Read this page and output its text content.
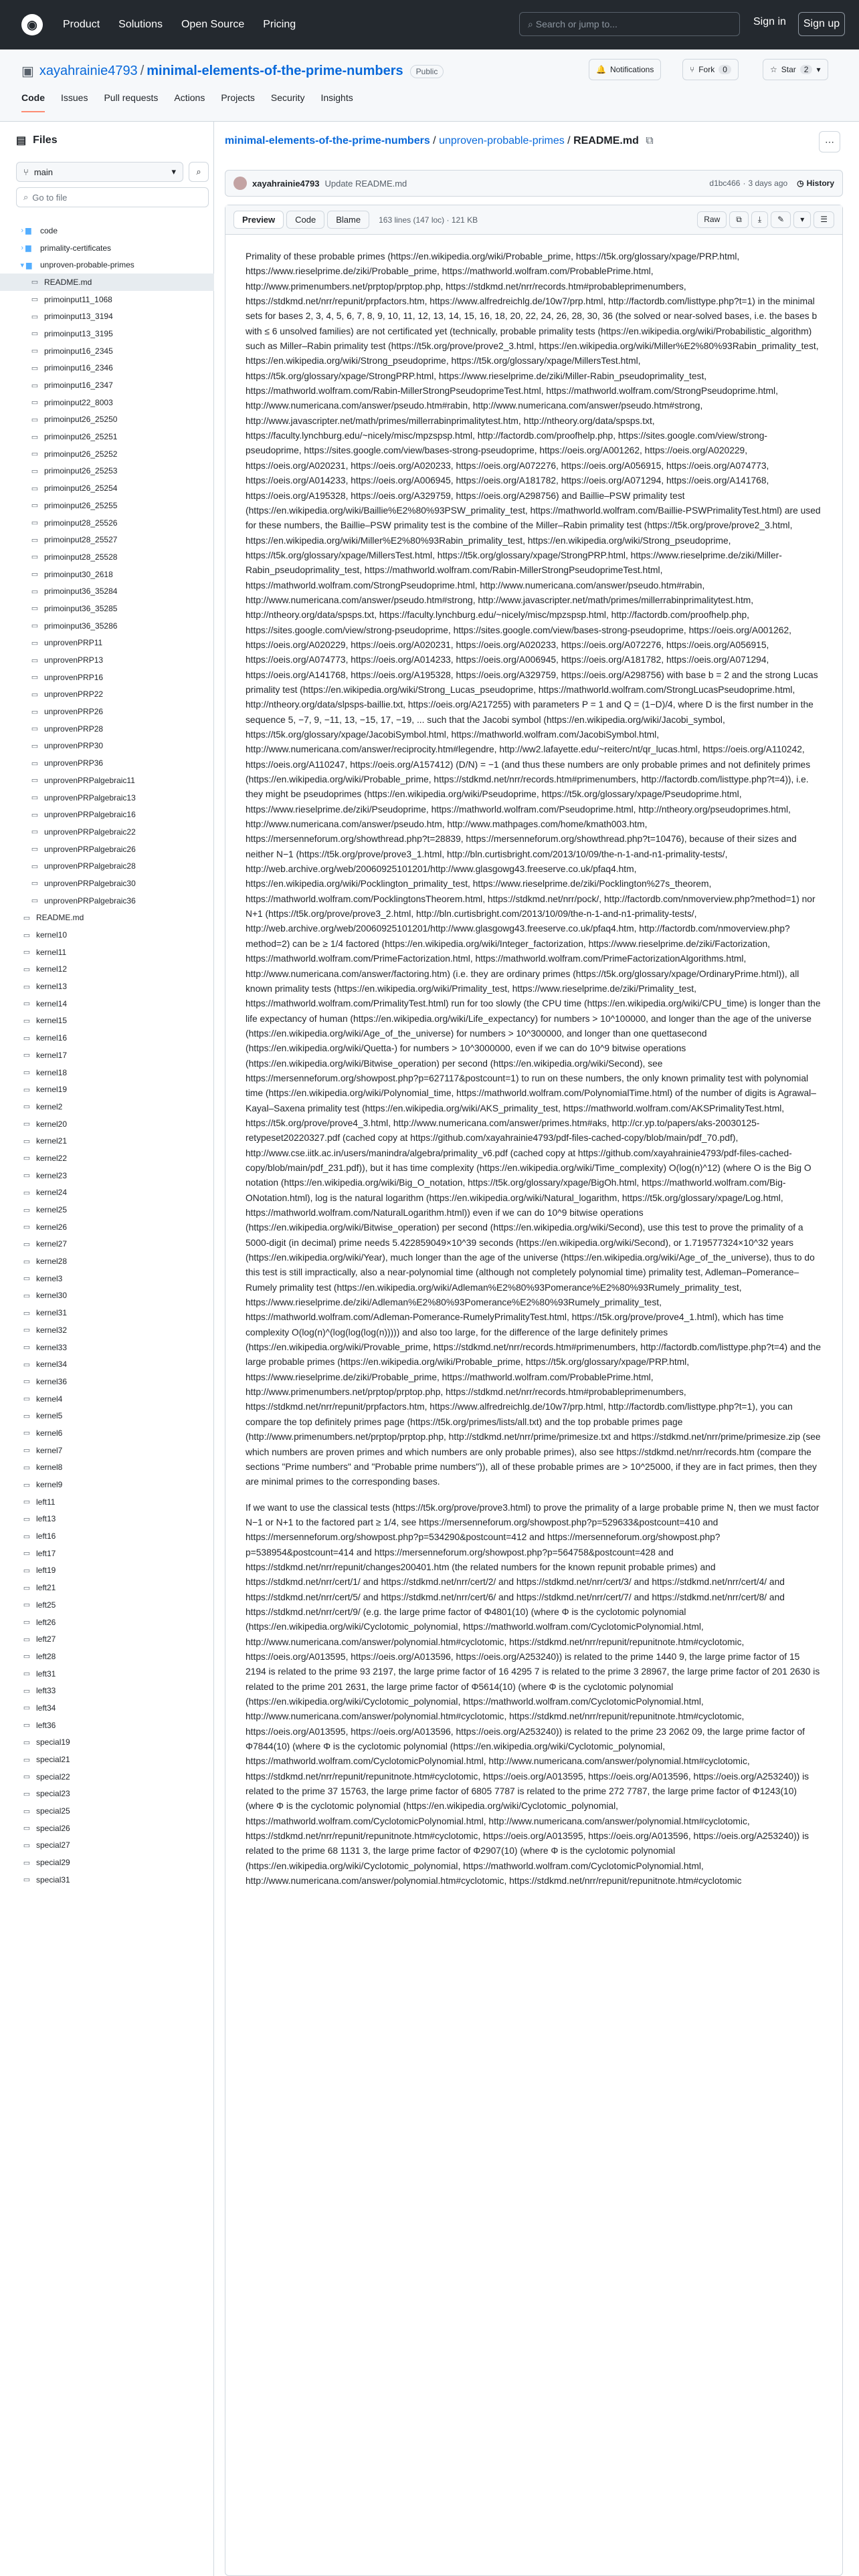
◉	Product Solutions Open Source Pricing	⌕ Search or jump to...	Sign in	Sign up
▣ xayahrainie4793 / minimal-elements-of-the-prime-numbers	Public	🔔 Notifications	⑂ Fork	0	☆ Star	2	▾
Code Issues Pull requests Actions Projects Security Insights
▤ Files
⑂ main	▾ ⌕
⌕ Go to file
› ▆	code
› ▆	primality-certificates
▾ ▆	unproven-probable-primes
▭ README.md
▭ primoinput11_1068
▭ primoinput13_3194
▭ primoinput13_3195
▭ primoinput16_2345
▭ primoinput16_2346
▭ primoinput16_2347
▭ primoinput22_8003
▭ primoinput26_25250
▭ primoinput26_25251
▭ primoinput26_25252
▭ primoinput26_25253
▭ primoinput26_25254
▭ primoinput26_25255
▭ primoinput28_25526
▭ primoinput28_25527
▭ primoinput28_25528
▭ primoinput30_2618
▭ primoinput36_35284
▭ primoinput36_35285
▭ primoinput36_35286
▭ unprovenPRP11
▭ unprovenPRP13
▭ unprovenPRP16
▭ unprovenPRP22
▭ unprovenPRP26
▭ unprovenPRP28
▭ unprovenPRP30
▭ unprovenPRP36
▭ unprovenPRPalgebraic11
▭ unprovenPRPalgebraic13
▭ unprovenPRPalgebraic16
▭ unprovenPRPalgebraic22
▭ unprovenPRPalgebraic26
▭ unprovenPRPalgebraic28
▭ unprovenPRPalgebraic30
▭ unprovenPRPalgebraic36
▭ README.md
▭ kernel10
▭ kernel11
▭ kernel12
▭ kernel13
▭ kernel14
▭ kernel15
▭ kernel16
▭ kernel17
▭ kernel18
▭ kernel19
▭ kernel2
▭ kernel20
▭ kernel21
▭ kernel22
▭ kernel23
▭ kernel24
▭ kernel25
▭ kernel26
▭ kernel27
▭ kernel28
▭ kernel3
▭ kernel30
▭ kernel31
▭ kernel32
▭ kernel33
▭ kernel34
▭ kernel36
▭ kernel4
▭ kernel5
▭ kernel6
▭ kernel7
▭ kernel8
▭ kernel9
▭ left11
▭ left13
▭ left16
▭ left17
▭ left19
▭ left21
▭ left25
▭ left26
▭ left27
▭ left28
▭ left31
▭ left33
▭ left34
▭ left36
▭ special19
▭ special21
▭ special22
▭ special23
▭ special25
▭ special26
▭ special27
▭ special29
▭ special31
minimal-elements-of-the-prime-numbers / unproven-probable-primes / README.md ⧉	⋯
xayahrainie4793 Update README.md	d1bc466 · 3 days ago ◷ History
Preview	Code	Blame	163 lines (147 loc) · 121 KB	Raw	⧉	⤓	✎	▾	☰

Primality of these probable primes (https://en.wikipedia.org/wiki/Probable_prime, https://t5k.org/glossary/xpage/PRP.html, https://www.rieselprime.de/ziki/Probable_prime, https://mathworld.wolfram.com/ProbablePrime.html, http://www.primenumbers.net/prptop/prptop.php, https://stdkmd.net/nrr/records.htm#probableprimenumbers, https://stdkmd.net/nrr/repunit/prpfactors.htm, https://www.alfredreichlg.de/10w7/prp.html, http://factordb.com/listtype.php?t=1) in the minimal sets for bases 2, 3, 4, 5, 6, 7, 8, 9, 10, 11, 12, 13, 14, 15, 16, 18, 20, 22, 24, 26, 28, 30, 36 (the solved or near-solved bases, i.e. the bases b with ≤ 6 unsolved families) are not certificated yet (technically, probable primality tests (https://en.wikipedia.org/wiki/Probabilistic_algorithm) such as Miller–Rabin primality test (https://t5k.org/prove/prove2_3.html, https://en.wikipedia.org/wiki/Miller%E2%80%93Rabin_primality_test, https://en.wikipedia.org/wiki/Strong_pseudoprime, https://t5k.org/glossary/xpage/MillersTest.html, https://t5k.org/glossary/xpage/StrongPRP.html, https://www.rieselprime.de/ziki/Miller-Rabin_pseudoprimality_test, https://mathworld.wolfram.com/Rabin-MillerStrongPseudoprimeTest.html, https://mathworld.wolfram.com/StrongPseudoprime.html, http://www.numericana.com/answer/pseudo.htm#rabin, http://www.numericana.com/answer/pseudo.htm#strong, http://www.javascripter.net/math/primes/millerrabinprimalitytest.htm, http://ntheory.org/data/spsps.txt, https://faculty.lynchburg.edu/~nicely/misc/mpzspsp.html, http://factordb.com/proofhelp.php, https://sites.google.com/view/strong-pseudoprime, https://sites.google.com/view/bases-strong-pseudoprime, https://oeis.org/A001262, https://oeis.org/A020229, https://oeis.org/A020231, https://oeis.org/A020233, https://oeis.org/A072276, https://oeis.org/A056915, https://oeis.org/A074773, https://oeis.org/A014233, https://oeis.org/A006945, https://oeis.org/A181782, https://oeis.org/A071294, https://oeis.org/A141768, https://oeis.org/A195328, https://oeis.org/A329759, https://oeis.org/A298756) and Baillie–PSW primality test (https://en.wikipedia.org/wiki/Baillie%E2%80%93PSW_primality_test, https://mathworld.wolfram.com/Baillie-PSWPrimalityTest.html) are used for these numbers, the Baillie–PSW primality test is the combine of the Miller–Rabin primality test (https://t5k.org/prove/prove2_3.html, https://en.wikipedia.org/wiki/Miller%E2%80%93Rabin_primality_test, https://en.wikipedia.org/wiki/Strong_pseudoprime, https://t5k.org/glossary/xpage/MillersTest.html, https://t5k.org/glossary/xpage/StrongPRP.html, https://www.rieselprime.de/ziki/Miller-Rabin_pseudoprimality_test, https://mathworld.wolfram.com/Rabin-MillerStrongPseudoprimeTest.html, https://mathworld.wolfram.com/StrongPseudoprime.html, http://www.numericana.com/answer/pseudo.htm#rabin, http://www.numericana.com/answer/pseudo.htm#strong, http://www.javascripter.net/math/primes/millerrabinprimalitytest.htm, http://ntheory.org/data/spsps.txt, https://faculty.lynchburg.edu/~nicely/misc/mpzspsp.html, http://factordb.com/proofhelp.php, https://sites.google.com/view/strong-pseudoprime, https://sites.google.com/view/bases-strong-pseudoprime, https://oeis.org/A001262, https://oeis.org/A020229, https://oeis.org/A020231, https://oeis.org/A020233, https://oeis.org/A072276, https://oeis.org/A056915, https://oeis.org/A074773, https://oeis.org/A014233, https://oeis.org/A006945, https://oeis.org/A181782, https://oeis.org/A071294, https://oeis.org/A141768, https://oeis.org/A195328, https://oeis.org/A329759, https://oeis.org/A298756) with base b = 2 and the strong Lucas primality test (https://en.wikipedia.org/wiki/Strong_Lucas_pseudoprime, https://mathworld.wolfram.com/StrongLucasPseudoprime.html, http://ntheory.org/data/slpsps-baillie.txt, https://oeis.org/A217255) with parameters P = 1 and Q = (1−D)/4, where D is the first number in the sequence 5, −7, 9, −11, 13, −15, 17, −19, ... such that the Jacobi symbol (https://en.wikipedia.org/wiki/Jacobi_symbol, https://t5k.org/glossary/xpage/JacobiSymbol.html, https://mathworld.wolfram.com/JacobiSymbol.html, http://www.numericana.com/answer/reciprocity.htm#legendre, http://ww2.lafayette.edu/~reiterc/nt/qr_lucas.html, https://oeis.org/A110242, https://oeis.org/A110247, https://oeis.org/A157412) (D/N) = −1 (and thus these numbers are only probable primes and not definitely primes (https://en.wikipedia.org/wiki/Probable_prime, https://stdkmd.net/nrr/records.htm#primenumbers, http://factordb.com/listtype.php?t=4)), i.e. they might be pseudoprimes (https://en.wikipedia.org/wiki/Pseudoprime, https://t5k.org/glossary/xpage/Pseudoprime.html, https://www.rieselprime.de/ziki/Pseudoprime, https://mathworld.wolfram.com/Pseudoprime.html, http://ntheory.org/pseudoprimes.html, http://www.numericana.com/answer/pseudo.htm, http://www.mathpages.com/home/kmath003.htm, https://mersenneforum.org/showthread.php?t=28839, https://mersenneforum.org/showthread.php?t=10476), because of their sizes and neither N−1 (https://t5k.org/prove/prove3_1.html, http://bln.curtisbright.com/2013/10/09/the-n-1-and-n1-primality-tests/, http://web.archive.org/web/20060925101201/http://www.glasgowg43.freeserve.co.uk/pfaq4.htm, https://en.wikipedia.org/wiki/Pocklington_primality_test, https://www.rieselprime.de/ziki/Pocklington%27s_theorem, https://mathworld.wolfram.com/PocklingtonsTheorem.html, https://stdkmd.net/nrr/pock/, http://factordb.com/nmoverview.php?method=1) nor N+1 (https://t5k.org/prove/prove3_2.html, http://bln.curtisbright.com/2013/10/09/the-n-1-and-n1-primality-tests/, http://web.archive.org/web/20060925101201/http://www.glasgowg43.freeserve.co.uk/pfaq4.htm, http://factordb.com/nmoverview.php?method=2) can be ≥ 1/4 factored (https://en.wikipedia.org/wiki/Integer_factorization, https://www.rieselprime.de/ziki/Factorization, https://mathworld.wolfram.com/PrimeFactorization.html, https://mathworld.wolfram.com/PrimeFactorizationAlgorithms.html, http://www.numericana.com/answer/factoring.htm) (i.e. they are ordinary primes (https://t5k.org/glossary/xpage/OrdinaryPrime.html)), all known primality tests (https://en.wikipedia.org/wiki/Primality_test, https://www.rieselprime.de/ziki/Primality_test, https://mathworld.wolfram.com/PrimalityTest.html) run for too slowly (the CPU time (https://en.wikipedia.org/wiki/CPU_time) is longer than the life expectancy of human (https://en.wikipedia.org/wiki/Life_expectancy) for numbers > 10^100000, and longer than the age of the universe (https://en.wikipedia.org/wiki/Age_of_the_universe) for numbers > 10^300000, and longer than one quettasecond (https://en.wikipedia.org/wiki/Quetta-) for numbers > 10^3000000, even if we can do 10^9 bitwise operations (https://en.wikipedia.org/wiki/Bitwise_operation) per second (https://en.wikipedia.org/wiki/Second), see https://mersenneforum.org/showpost.php?p=627117&postcount=1) to run on these numbers, the only known primality test with polynomial time (https://en.wikipedia.org/wiki/Polynomial_time, https://mathworld.wolfram.com/PolynomialTime.html) of the number of digits is Agrawal–Kayal–Saxena primality test (https://en.wikipedia.org/wiki/AKS_primality_test, https://mathworld.wolfram.com/AKSPrimalityTest.html, https://t5k.org/prove/prove4_3.html, http://www.numericana.com/answer/primes.htm#aks, http://cr.yp.to/papers/aks-20030125-retypeset20220327.pdf (cached copy at https://github.com/xayahrainie4793/pdf-files-cached-copy/blob/main/pdf_70.pdf), http://www.cse.iitk.ac.in/users/manindra/algebra/primality_v6.pdf (cached copy at https://github.com/xayahrainie4793/pdf-files-cached-copy/blob/main/pdf_231.pdf)), but it has time complexity (https://en.wikipedia.org/wiki/Time_complexity) O(log(n)^12) (where O is the Big O notation (https://en.wikipedia.org/wiki/Big_O_notation, https://t5k.org/glossary/xpage/BigOh.html, https://mathworld.wolfram.com/Big-ONotation.html), log is the natural logarithm (https://en.wikipedia.org/wiki/Natural_logarithm, https://t5k.org/glossary/xpage/Log.html, https://mathworld.wolfram.com/NaturalLogarithm.html)) even if we can do 10^9 bitwise operations (https://en.wikipedia.org/wiki/Bitwise_operation) per second (https://en.wikipedia.org/wiki/Second), use this test to prove the primality of a 5000-digit (in decimal) prime needs 5.422859049×10^39 seconds (https://en.wikipedia.org/wiki/Second), or 1.719577324×10^32 years (https://en.wikipedia.org/wiki/Year), much longer than the age of the universe (https://en.wikipedia.org/wiki/Age_of_the_universe), thus to do this test is still impractically, also a near-polynomial time (although not completely polynomial time) primality test, Adleman–Pomerance–Rumely primality test (https://en.wikipedia.org/wiki/Adleman%E2%80%93Pomerance%E2%80%93Rumely_primality_test, https://www.rieselprime.de/ziki/Adleman%E2%80%93Pomerance%E2%80%93Rumely_primality_test, https://mathworld.wolfram.com/Adleman-Pomerance-RumelyPrimalityTest.html, https://t5k.org/prove/prove4_1.html), which has time complexity O(log(n)^(log(log(log(n))))) and also too large, for the difference of the large definitely primes (https://en.wikipedia.org/wiki/Provable_prime, https://stdkmd.net/nrr/records.htm#primenumbers, http://factordb.com/listtype.php?t=4) and the large probable primes (https://en.wikipedia.org/wiki/Probable_prime, https://t5k.org/glossary/xpage/PRP.html, https://www.rieselprime.de/ziki/Probable_prime, https://mathworld.wolfram.com/ProbablePrime.html, http://www.primenumbers.net/prptop/prptop.php, https://stdkmd.net/nrr/records.htm#probableprimenumbers, https://stdkmd.net/nrr/repunit/prpfactors.htm, https://www.alfredreichlg.de/10w7/prp.html, http://factordb.com/listtype.php?t=1), you can compare the top definitely primes page (https://t5k.org/primes/lists/all.txt) and the top probable primes page (http://www.primenumbers.net/prptop/prptop.php, http://stdkmd.net/nrr/prime/primesize.txt and https://stdkmd.net/nrr/prime/primesize.zip (see which numbers are proven primes and which numbers are only probable primes), also see https://stdkmd.net/nrr/records.htm (compare the sections "Prime numbers" and "Probable prime numbers")), all of these probable primes are > 10^25000, if they are in fact primes, then they are minimal primes to the corresponding bases.

If we want to use the classical tests (https://t5k.org/prove/prove3.html) to prove the primality of a large probable prime N, then we must factor N−1 or N+1 to the factored part ≥ 1/4, see https://mersenneforum.org/showpost.php?p=529633&postcount=410 and https://mersenneforum.org/showpost.php?p=534290&postcount=412 and https://mersenneforum.org/showpost.php?p=538954&postcount=414 and https://mersenneforum.org/showpost.php?p=564758&postcount=428 and https://stdkmd.net/nrr/repunit/changes200401.htm (the related numbers for the known repunit probable primes) and https://stdkmd.net/nrr/cert/1/ and https://stdkmd.net/nrr/cert/2/ and https://stdkmd.net/nrr/cert/3/ and https://stdkmd.net/nrr/cert/4/ and https://stdkmd.net/nrr/cert/5/ and https://stdkmd.net/nrr/cert/6/ and https://stdkmd.net/nrr/cert/7/ and https://stdkmd.net/nrr/cert/8/ and https://stdkmd.net/nrr/cert/9/ (e.g. the large prime factor of Φ4801(10) (where Φ is the cyclotomic polynomial (https://en.wikipedia.org/wiki/Cyclotomic_polynomial, https://mathworld.wolfram.com/CyclotomicPolynomial.html, http://www.numericana.com/answer/polynomial.htm#cyclotomic, https://stdkmd.net/nrr/repunit/repunitnote.htm#cyclotomic, https://oeis.org/A013595, https://oeis.org/A013596, https://oeis.org/A253240)) is related to the prime 1440 9, the large prime factor of 15 2194 is related to the prime 93 2197, the large prime factor of 16 4295 7 is related to the prime 3 28967, the large prime factor of 201 2630 is related to the prime 201 2631, the large prime factor of Φ5614(10) (where Φ is the cyclotomic polynomial (https://en.wikipedia.org/wiki/Cyclotomic_polynomial, https://mathworld.wolfram.com/CyclotomicPolynomial.html, http://www.numericana.com/answer/polynomial.htm#cyclotomic, https://stdkmd.net/nrr/repunit/repunitnote.htm#cyclotomic, https://oeis.org/A013595, https://oeis.org/A013596, https://oeis.org/A253240)) is related to the prime 23 2062 09, the large prime factor of Φ7844(10) (where Φ is the cyclotomic polynomial (https://en.wikipedia.org/wiki/Cyclotomic_polynomial, https://mathworld.wolfram.com/CyclotomicPolynomial.html, http://www.numericana.com/answer/polynomial.htm#cyclotomic, https://stdkmd.net/nrr/repunit/repunitnote.htm#cyclotomic, https://oeis.org/A013595, https://oeis.org/A013596, https://oeis.org/A253240)) is related to the prime 37 15763, the large prime factor of 6805 7787 is related to the prime 272 7787, the large prime factor of Φ1243(10) (where Φ is the cyclotomic polynomial (https://en.wikipedia.org/wiki/Cyclotomic_polynomial, https://mathworld.wolfram.com/CyclotomicPolynomial.html, http://www.numericana.com/answer/polynomial.htm#cyclotomic, https://stdkmd.net/nrr/repunit/repunitnote.htm#cyclotomic, https://oeis.org/A013595, https://oeis.org/A013596, https://oeis.org/A253240)) is related to the prime 68 1131 3, the large prime factor of Φ2907(10) (where Φ is the cyclotomic polynomial (https://en.wikipedia.org/wiki/Cyclotomic_polynomial, https://mathworld.wolfram.com/CyclotomicPolynomial.html, http://www.numericana.com/answer/polynomial.htm#cyclotomic, https://stdkmd.net/nrr/repunit/repunitnote.htm#cyclotomic
